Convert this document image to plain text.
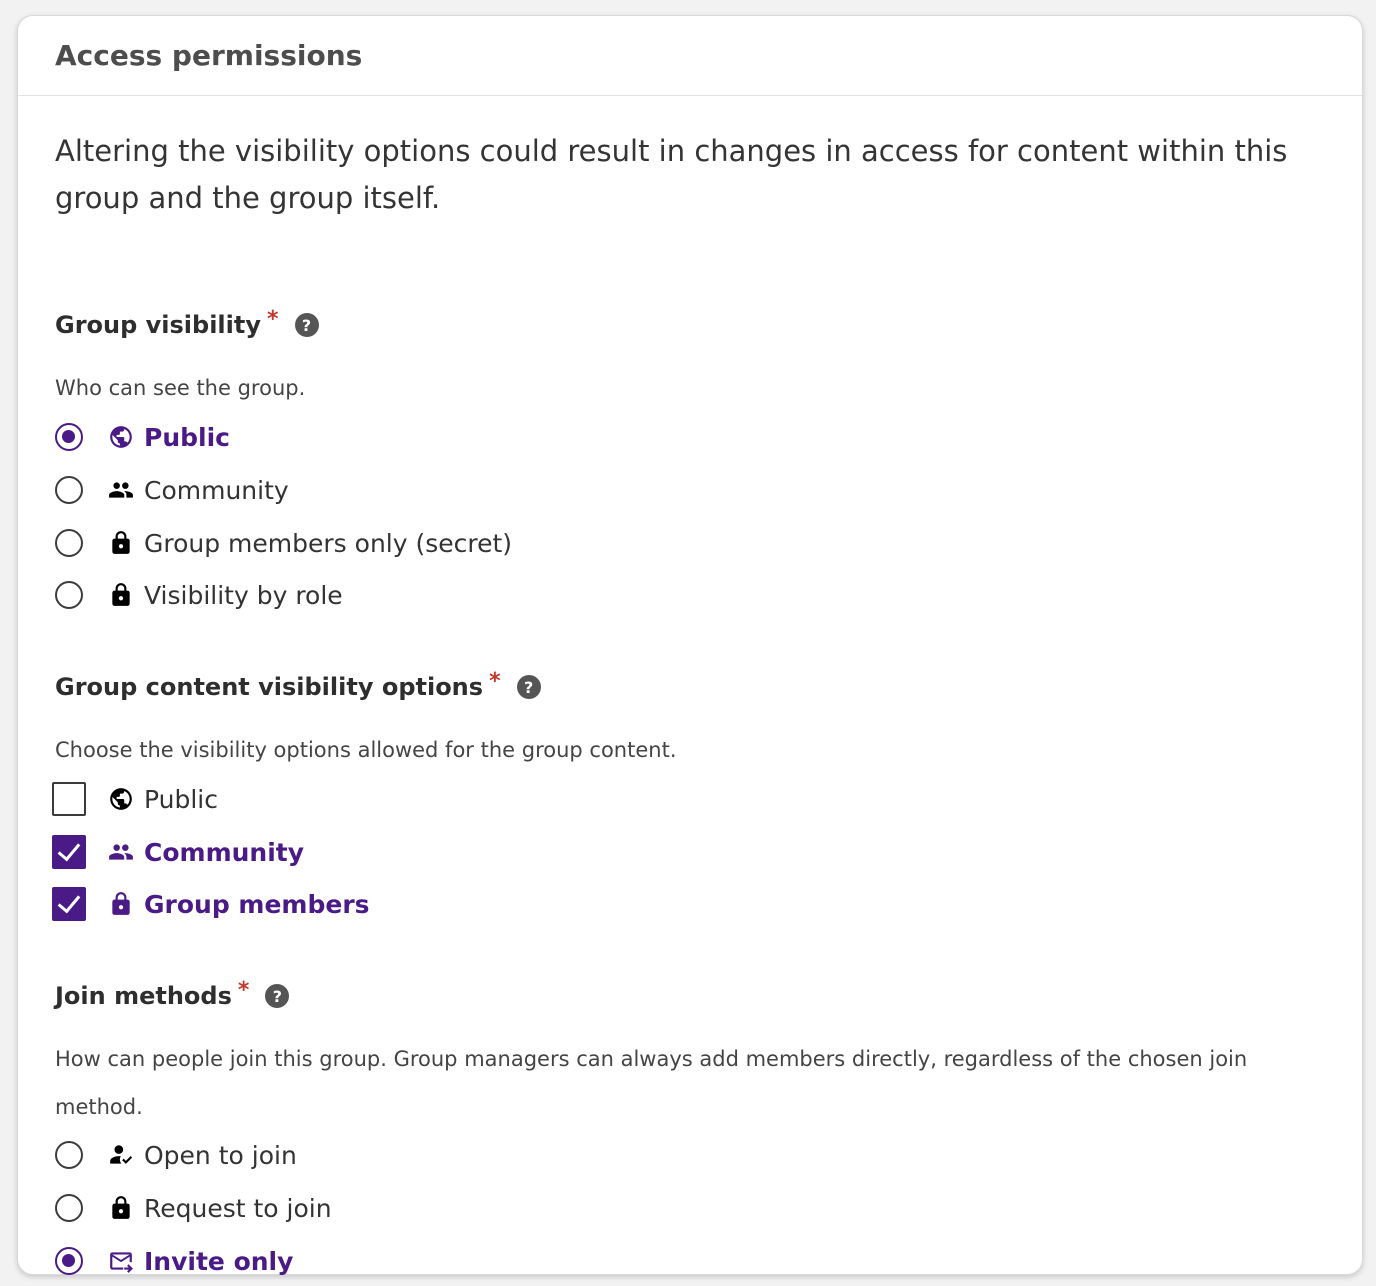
Access permissions

Altering the visibility options could result in changes in access for content within this group and the group itself.

Group visibility *	?

Who can see the group.

Public
Community
Group members only (secret)
Visibility by role
Group content visibility options *	?

Choose the visibility options allowed for the group content.

Public
Community
Group members
Join methods *	?

How can people join this group. Group managers can always add members directly, regardless of the chosen join method.

Open to join
Request to join
Invite only
